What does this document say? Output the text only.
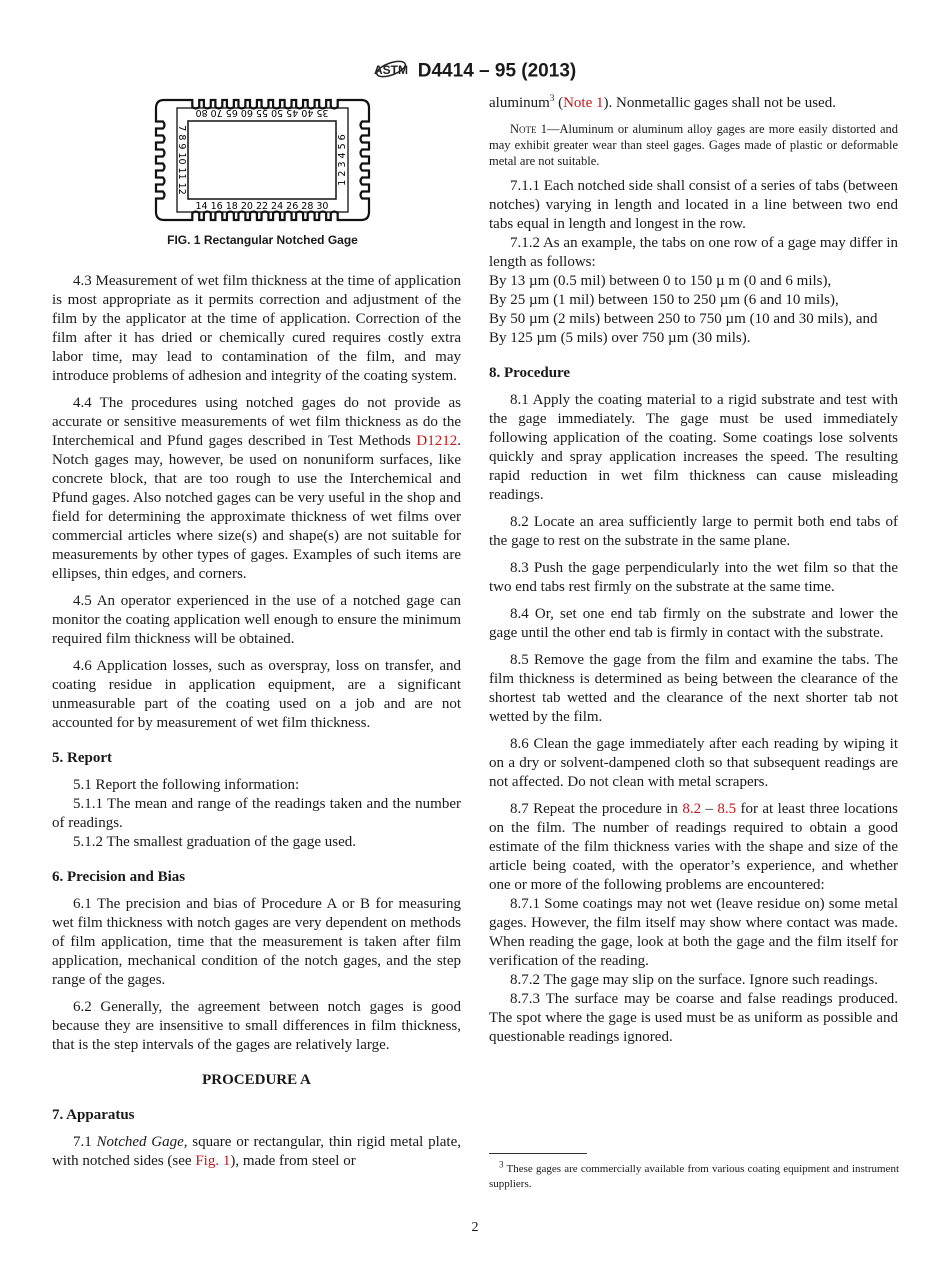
ASTM D4414 – 95 (2013)
35 40 45 50 55 60 65 70 80
14 16 18 20 22 24 26 28 30
7 8 9 10 11 12	1 2 3 4 5 6
FIG. 1 Rectangular Notched Gage
4.3 Measurement of wet film thickness at the time of application is most appropriate as it permits correction and adjustment of the film by the applicator at the time of application. Correction of the film after it has dried or chemically cured requires costly extra labor time, may lead to contamination of the film, and may introduce problems of adhesion and integrity of the coating system.
4.4 The procedures using notched gages do not provide as accurate or sensitive measurements of wet film thickness as do the Interchemical and Pfund gages described in Test Methods D1212. Notch gages may, however, be used on nonuniform surfaces, like concrete block, that are too rough to use the Interchemical and Pfund gages. Also notched gages can be very useful in the shop and field for determining the approximate thickness of wet films over commercial articles where size(s) and shape(s) are not suitable for measurements by other types of gages. Examples of such items are ellipses, thin edges, and corners.
4.5 An operator experienced in the use of a notched gage can monitor the coating application well enough to ensure the minimum required film thickness will be obtained.
4.6 Application losses, such as overspray, loss on transfer, and coating residue in application equipment, are a significant unmeasurable part of the coating used on a job and are not accounted for by measurement of wet film thickness.
5. Report
5.1 Report the following information:
5.1.1 The mean and range of the readings taken and the number of readings.
5.1.2 The smallest graduation of the gage used.
6. Precision and Bias
6.1 The precision and bias of Procedure A or B for measuring wet film thickness with notch gages are very dependent on methods of film application, time that the measurement is taken after film application, mechanical condition of the notch gages, and the step range of the gages.
6.2 Generally, the agreement between notch gages is good because they are insensitive to small differences in film thickness, that is the step intervals of the gages are relatively large.
PROCEDURE A
7. Apparatus
7.1 Notched Gage, square or rectangular, thin rigid metal plate, with notched sides (see Fig. 1), made from steel or
aluminum$^3$ (Note 1). Nonmetallic gages shall not be used.
Note 1—Aluminum or aluminum alloy gages are more easily distorted and may exhibit greater wear than steel gages. Gages made of plastic or deformable metal are not suitable.
7.1.1 Each notched side shall consist of a series of tabs (between notches) varying in length and located in a line between two end tabs equal in length and longest in the row.
7.1.2 As an example, the tabs on one row of a gage may differ in length as follows:
By 13 µm (0.5 mil) between 0 to 150 µ m (0 and 6 mils),
By 25 µm (1 mil) between 150 to 250 µm (6 and 10 mils),
By 50 µm (2 mils) between 250 to 750 µm (10 and 30 mils), and
By 125 µm (5 mils) over 750 µm (30 mils).
8. Procedure
8.1 Apply the coating material to a rigid substrate and test with the gage immediately. The gage must be used immediately following application of the coating. Some coatings lose solvents quickly and spray application increases the speed. The resulting rapid reduction in wet film thickness can cause misleading readings.
8.2 Locate an area sufficiently large to permit both end tabs of the gage to rest on the substrate in the same plane.
8.3 Push the gage perpendicularly into the wet film so that the two end tabs rest firmly on the substrate at the same time.
8.4 Or, set one end tab firmly on the substrate and lower the gage until the other end tab is firmly in contact with the substrate.
8.5 Remove the gage from the film and examine the tabs. The film thickness is determined as being between the clearance of the shortest tab wetted and the clearance of the next shorter tab not wetted by the film.
8.6 Clean the gage immediately after each reading by wiping it on a dry or solvent-dampened cloth so that subsequent readings are not affected. Do not clean with metal scrapers.
8.7 Repeat the procedure in 8.2 – 8.5 for at least three locations on the film. The number of readings required to obtain a good estimate of the film thickness varies with the shape and size of the article being coated, with the operator’s experience, and whether one or more of the following problems are encountered:
8.7.1 Some coatings may not wet (leave residue on) some metal gages. However, the film itself may show where contact was made. When reading the gage, look at both the gage and the film itself for verification of the reading.
8.7.2 The gage may slip on the surface. Ignore such readings.
8.7.3 The surface may be coarse and false readings produced. The spot where the gage is used must be as uniform as possible and questionable readings ignored.
$^3$ These gages are commercially available from various coating equipment and instrument suppliers.
2
